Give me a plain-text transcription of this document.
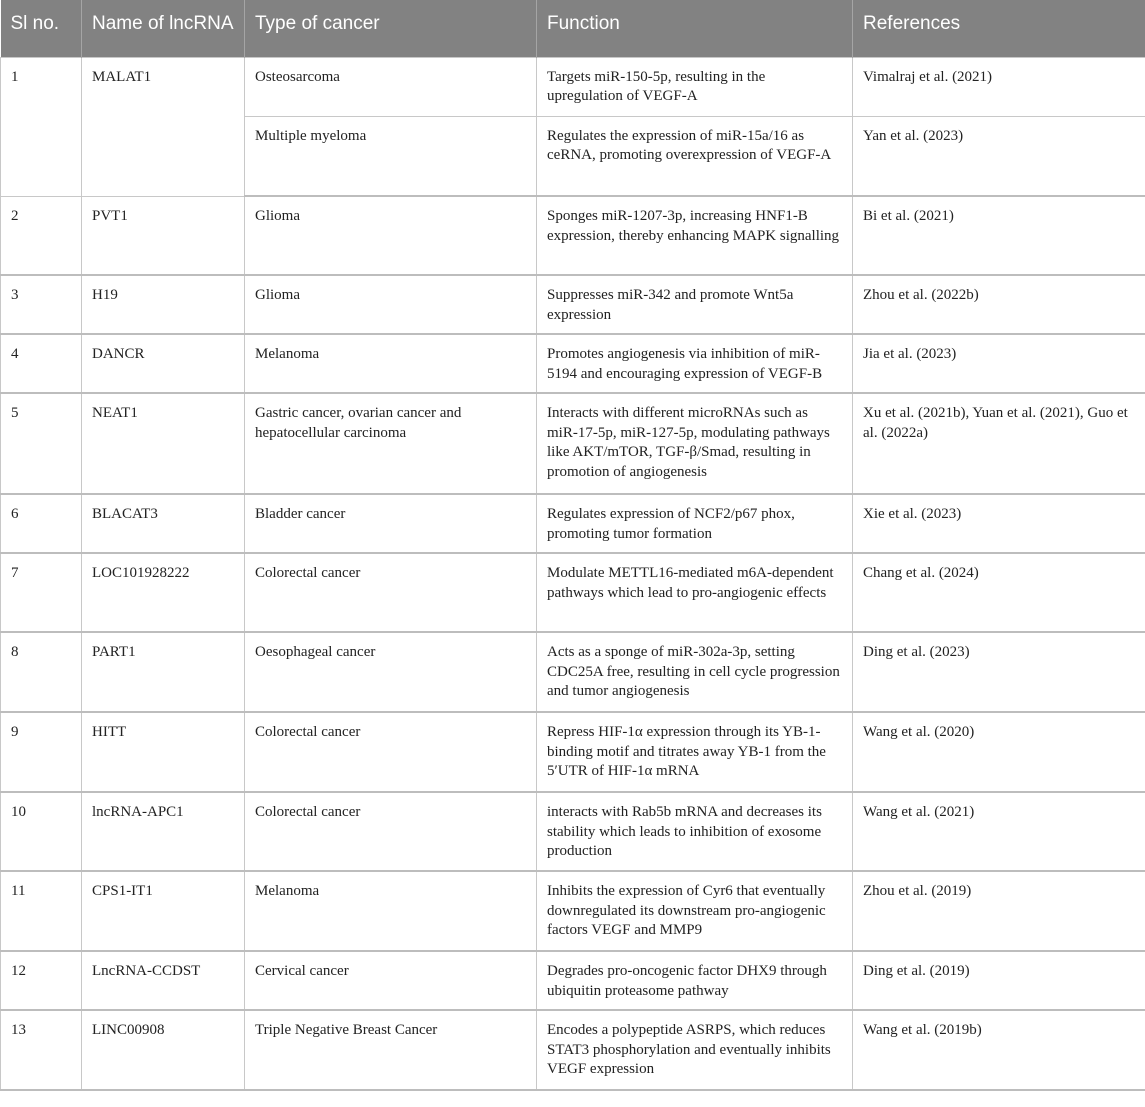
Sl no.	Name of lncRNA	Type of cancer	Function	References
1	MALAT1	Osteosarcoma	Targets miR-150-5p, resulting in the upregulation of VEGF-A	Vimalraj et al. (2021)
		Multiple myeloma	Regulates the expression of miR-15a/16 as ceRNA, promoting overexpression of VEGF-A	Yan et al. (2023)
2	PVT1	Glioma	Sponges miR-1207-3p, increasing HNF1-B expression, thereby enhancing MAPK signalling	Bi et al. (2021)
3	H19	Glioma	Suppresses miR-342 and promote Wnt5a expression	Zhou et al. (2022b)
4	DANCR	Melanoma	Promotes angiogenesis via inhibition of miR-5194 and encouraging expression of VEGF-B	Jia et al. (2023)
5	NEAT1	Gastric cancer, ovarian cancer and hepatocellular carcinoma	Interacts with different microRNAs such as miR-17-5p, miR-127-5p, modulating pathways like AKT/mTOR, TGF-β/Smad, resulting in promotion of angiogenesis	Xu et al. (2021b), Yuan et al. (2021), Guo et al. (2022a)
6	BLACAT3	Bladder cancer	Regulates expression of NCF2/p67 phox, promoting tumor formation	Xie et al. (2023)
7	LOC101928222	Colorectal cancer	Modulate METTL16-mediated m6A-dependent pathways which lead to pro-angiogenic effects	Chang et al. (2024)
8	PART1	Oesophageal cancer	Acts as a sponge of miR-302a-3p, setting CDC25A free, resulting in cell cycle progression and tumor angiogenesis	Ding et al. (2023)
9	HITT	Colorectal cancer	Repress HIF-1α expression through its YB-1-binding motif and titrates away YB-1 from the 5′UTR of HIF-1α mRNA	Wang et al. (2020)
10	lncRNA-APC1	Colorectal cancer	interacts with Rab5b mRNA and decreases its stability which leads to inhibition of exosome production	Wang et al. (2021)
11	CPS1-IT1	Melanoma	Inhibits the expression of Cyr6 that eventually downregulated its downstream pro-angiogenic factors VEGF and MMP9	Zhou et al. (2019)
12	LncRNA-CCDST	Cervical cancer	Degrades pro-oncogenic factor DHX9 through ubiquitin proteasome pathway	Ding et al. (2019)
13	LINC00908	Triple Negative Breast Cancer	Encodes a polypeptide ASRPS, which reduces STAT3 phosphorylation and eventually inhibits VEGF expression	Wang et al. (2019b)
